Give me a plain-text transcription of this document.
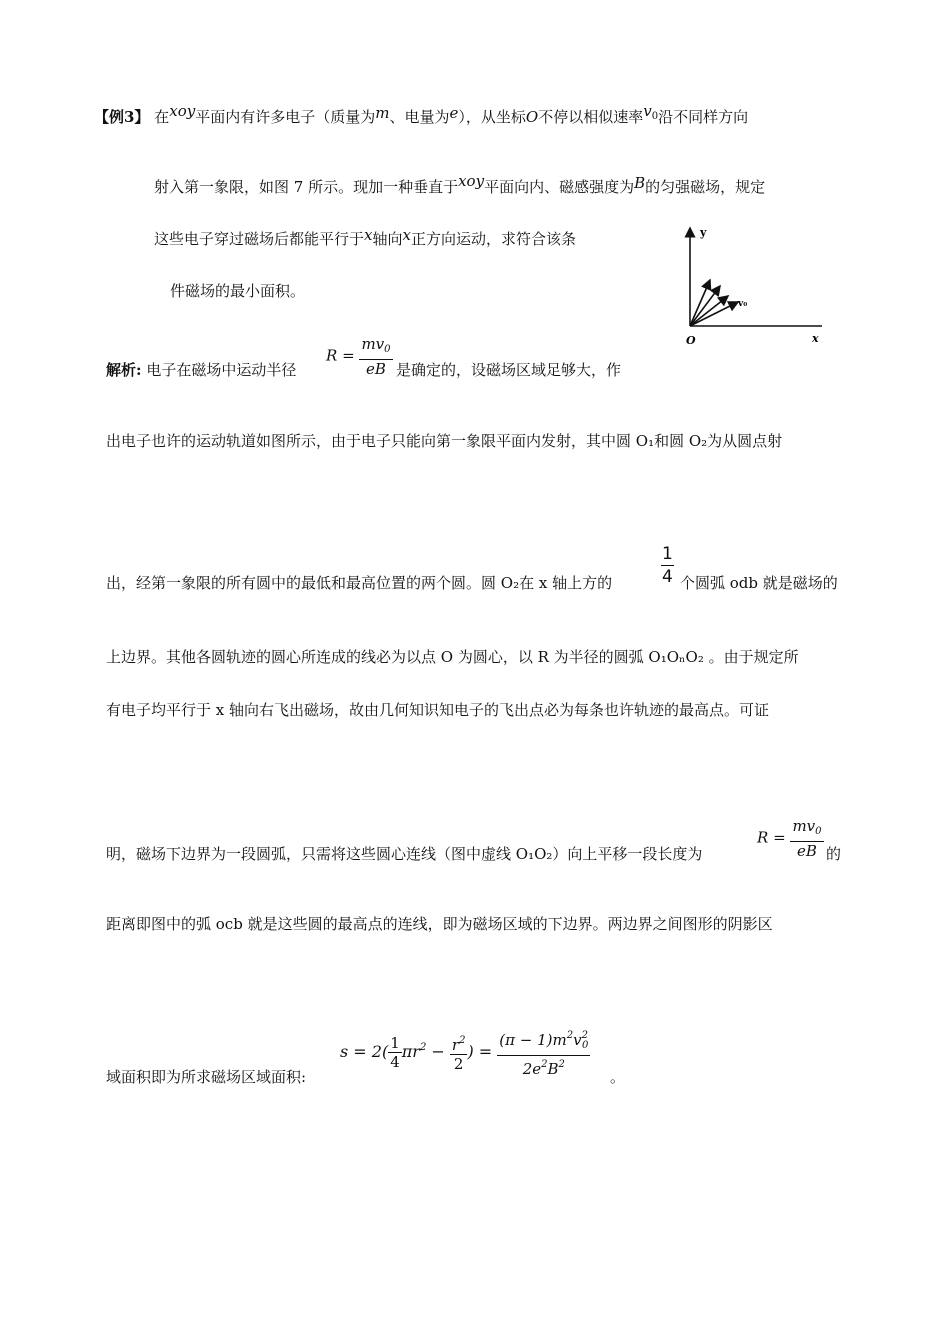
【例3】 在xoy平面内有许多电子（质量为m、电量为e），从坐标O不停以相似速率$v^0$沿不同样方向
射入第一象限，如图 7 所示。现加一种垂直于xoy平面向内、磁感强度为B的匀强磁场，规定
这些电子穿过磁场后都能平行于x轴向x正方向运动，求符合该条
件磁场的最小面积。
y
v₀
O	x
解析: 电子在磁场中运动半径
$R = \frac{mv_0}{eB}$ 是确定的，设磁场区域足够大，作
出电子也许的运动轨道如图所示，由于电子只能向第一象限平面内发射，其中圆 O₁和圆 O₂为从圆点射
出，经第一象限的所有圆中的最低和最高位置的两个圆。圆 O₂在 x 轴上方的
1
4 个圆弧 odb 就是磁场的
上边界。其他各圆轨迹的圆心所连成的线必为以点 O 为圆心，以 R 为半径的圆弧 O₁OₙO₂ 。由于规定所
有电子均平行于 x 轴向右飞出磁场，故由几何知识知电子的飞出点必为每条也许轨迹的最高点。可证
明，磁场下边界为一段圆弧，只需将这些圆心连线（图中虚线 O₁O₂）向上平移一段长度为
$R = \frac{mv_0}{eB}$ 的
距离即图中的弧 ocb 就是这些圆的最高点的连线，即为磁场区域的下边界。两边界之间图形的阴影区
域面积即为所求磁场区域面积:
$s = 2( \frac{1}{4} \pi r^2 - \frac{r^2}{2}$ ) = $\frac{(\pi - 1)m^2v^2_0}{2e^2B^2}$ 。
